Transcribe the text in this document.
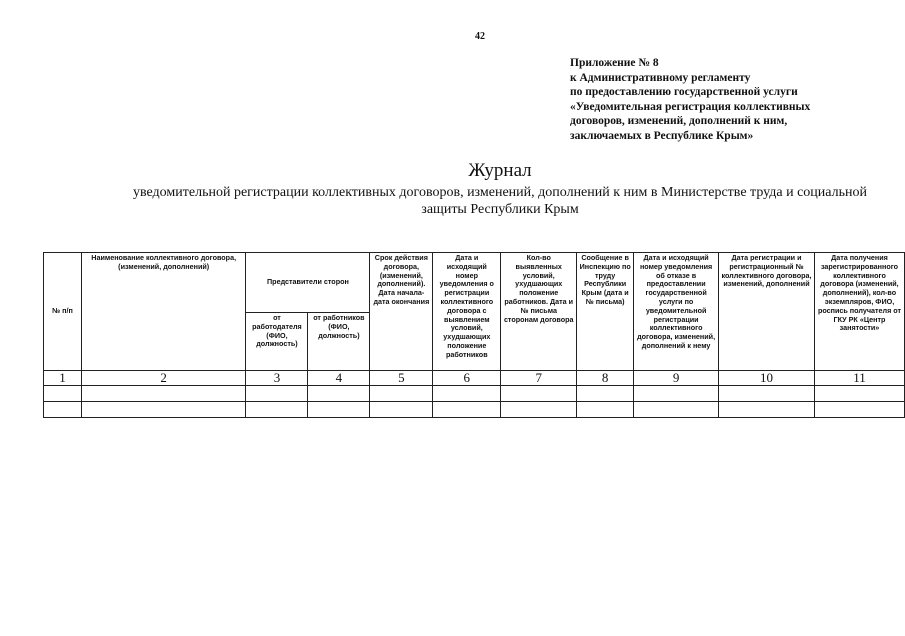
42
Приложение № 8
к Административному регламенту
по предоставлению государственной услуги
«Уведомительная регистрация коллективных
договоров, изменений, дополнений к ним,
заключаемых в Республике Крым»
Журнал
уведомительной регистрации коллективных договоров, изменений, дополнений к ним в Министерстве труда и социальной защиты Республики Крым
№ п/п	Наименование коллективного договора, (изменений, дополнений)	Представители сторон		Срок действия договора, (изменений, дополнений). Дата начала-дата окончания	Дата и исходящий номер уведомления о регистрации коллективного договора с выявлением условий, ухудшающих положение работников	Кол-во выявленных условий, ухудшающих положение работников. Дата и № письма сторонам договора	Сообщение в Инспекцию по труду Республики Крым (дата и № письма)	Дата и исходящий номер уведомления об отказе в предоставлении государственной услуги по уведомительной регистрации коллективного договора, изменений, дополнений к нему	Дата регистрации и регистрационный № коллективного договора, изменений, дополнений	Дата получения зарегистрированного коллективного договора (изменений, дополнений), кол-во экземпляров, ФИО, роспись получателя от ГКУ РК «Центр занятости»
		от работодателя (ФИО, должность)	от работников (ФИО, должность)							
1	2	3	4	5	6	7	8	9	10	11
